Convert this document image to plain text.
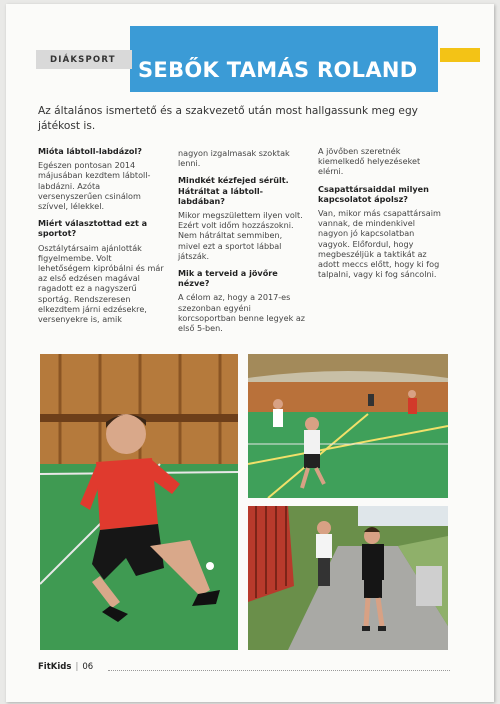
DIÁKSPORT	SEBŐK TAMÁS ROLAND

Az általános ismertető és a szakvezető után most hallgassunk meg egy játékost is.

Mióta lábtoll-labdázol?

Egészen pontosan 2014 májusában kezdtem lábtoll-labdázni. Azóta versenyszerűen csinálom szívvel, lélekkel.

Miért választottad ezt a sportot?

Osztálytársaim ajánlották figyelmembe. Volt lehetőségem kipróbálni és már az első edzésen magával ragadott ez a nagyszerű sportág. Rendszeresen elkezdtem járni edzésekre, versenyekre is, amik

nagyon izgalmasak szoktak lenni.

Mindkét kézfejed sérült. Hátráltat a lábtoll-labdában?

Mikor megszülettem ilyen volt. Ezért volt időm hozzászokni. Nem hátráltat semmiben, mivel ezt a sportot lábbal játszák.

Mik a terveid a jövőre nézve?

A célom az, hogy a 2017-es szezonban egyéni korcsoportban benne legyek az első 5-ben.

A jövőben szeretnék kiemelkedő helyezéseket elérni.

Csapattársaiddal milyen kapcsolatot ápolsz?

Van, mikor más csapattársaim vannak, de mindenkivel nagyon jó kapcsolatban vagyok. Előfordul, hogy megbeszéljük a taktikát az adott meccs előtt, hogy ki fog talpalni, vagy ki fog sáncolni.

FitKids | 06
